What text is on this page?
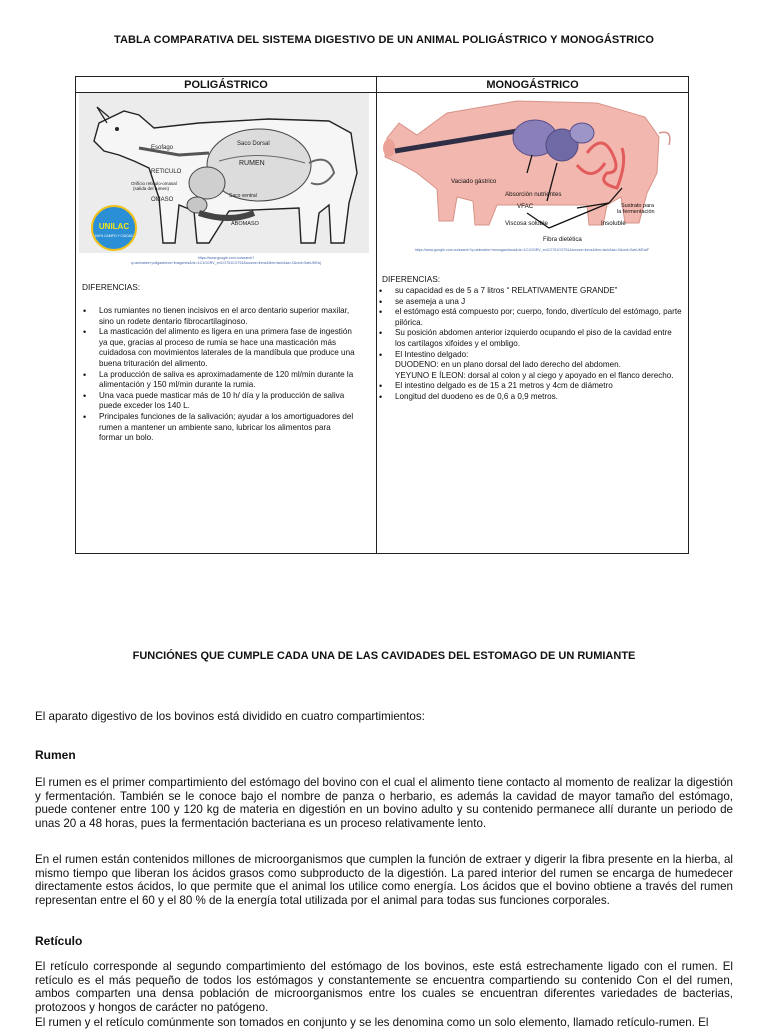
TABLA COMPARATIVA DEL SISTEMA DIGESTIVO DE UN ANIMAL POLIGÁSTRICO Y MONOGÁSTRICO
POLIGÁSTRICO	MONOGÁSTRICO
Esofago
Saco Dorsal
RUMEN
RETICULO
Orificio reticulo-omasal
(salida del rumen)
OMASO
Saco ventral
ABOMASO
UNILAC
100% CAMPO Y CIUDAD
https://www.google.com.co/search?q=animales+poligastricos+imagenes&rlz=1C1GGRV_enCO751CO751&source=lnms&tbm=isch&sa=X&ved=0ahUKEwj
DIFERENCIAS:
• Los rumiantes no tienen incisivos en el arco dentario superior maxilar, sino un rodete dentario fibrocartilaginoso.
• La masticación del alimento es ligera en una primera fase de ingestión ya que, gracias al proceso de rumia se hace una masticación más cuidadosa con movimientos laterales de la mandíbula que produce una buena trituración del alimento.
• La producción de saliva es aproximadamente de 120 ml/min durante la alimentación y 150 ml/min durante la rumia.
• Una vaca puede masticar más de 10 h/ día y la producción de saliva puede exceder los 140 L.
• Principales funciones de la salivación; ayudar a los amortiguadores del rumen a mantener un ambiente sano, lubricar los alimentos para formar un bolo.
Vaciado gástrico
Absorción nutrientes
VFAC	Sustrato para
la fermentación
Viscosa soluble	Insoluble
Fibra dietética
https://www.google.com.co/search?q=animales+monogastricos&rlz=1C1GGRV_enCO751CO751&source=lnms&tbm=isch&sa=X&ved=0ahUKEwiF
DIFERENCIAS:
• su capacidad es de 5 a 7 litros “ RELATIVAMENTE GRANDE”
• se asemeja a una J
• el estómago está compuesto por; cuerpo, fondo, divertículo del estómago, parte pilórica.
• Su posición abdomen anterior izquierdo ocupando el piso de la cavidad entre los cartílagos xifoides y el ombligo.
• El Intestino delgado:
DUODENO: en un plano dorsal del lado derecho del abdomen.
YEYUNO E ÍLEON: dorsal al colon y al ciego y apoyado en el flanco derecho.
• El intestino delgado es de 15 a 21 metros y 4cm de diámetro
• Longitud del duodeno es de 0,6 a 0,9 metros.
FUNCIÓNES QUE CUMPLE CADA UNA DE LAS CAVIDADES DEL ESTOMAGO DE UN RUMIANTE
El aparato digestivo de los bovinos está dividido en cuatro compartimientos:
Rumen
El rumen es el primer compartimiento del estómago del bovino con el cual el alimento tiene contacto al momento de realizar la digestión y fermentación. También se le conoce bajo el nombre de panza o herbario, es además la cavidad de mayor tamaño del estómago, puede contener entre 100 y 120 kg de materia en digestión en un bovino adulto y su contenido permanece allí durante un periodo de unas 20 a 48 horas, pues la fermentación bacteriana es un proceso relativamente lento.
En el rumen están contenidos millones de microorganismos que cumplen la función de extraer y digerir la fibra presente en la hierba, al mismo tiempo que liberan los ácidos grasos como subproducto de la digestión. La pared interior del rumen se encarga de humedecer directamente estos ácidos, lo que permite que el animal los utilice como energía. Los ácidos que el bovino obtiene a través del rumen representan entre el 60 y el 80 % de la energía total utilizada por el animal para todas sus funciones corporales.
Retículo
El retículo corresponde al segundo compartimiento del estómago de los bovinos, este está estrechamente ligado con el rumen. El retículo es el más pequeño de todos los estómagos y constantemente se encuentra compartiendo su contenido Con el del rumen, ambos comparten una densa población de microorganismos entre los cuales se encuentran diferentes variedades de bacterias, protozoos y hongos de carácter no patógeno.
El rumen y el retículo comúnmente son tomados en conjunto y se les denomina como un solo elemento, llamado retículo-rumen. El
